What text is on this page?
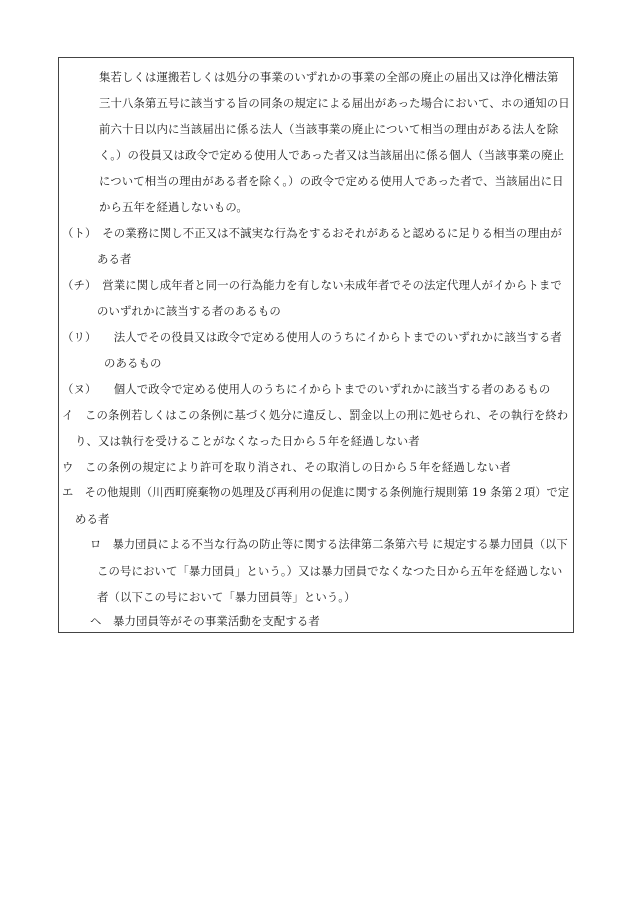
集若しくは運搬若しくは処分の事業のいずれかの事業の全部の廃止の届出又は浄化槽法第
三十八条第五号に該当する旨の同条の規定による届出があった場合において、ホの通知の日
前六十日以内に当該届出に係る法人（当該事業の廃止について相当の理由がある法人を除
く。）の役員又は政令で定める使用人であった者又は当該届出に係る個人（当該事業の廃止
について相当の理由がある者を除く。）の政令で定める使用人であった者で、当該届出に日
から五年を経過しないもの。
（ト）　その業務に関し不正又は不誠実な行為をするおそれがあると認めるに足りる相当の理由が
ある者
（チ）　営業に関し成年者と同一の行為能力を有しない未成年者でその法定代理人がイからトまで
のいずれかに該当する者のあるもの
（リ）　　法人でその役員又は政令で定める使用人のうちにイからトまでのいずれかに該当する者
のあるもの
（ヌ）　　個人で政令で定める使用人のうちにイからトまでのいずれかに該当する者のあるもの
イ　この条例若しくはこの条例に基づく処分に違反し、罰金以上の刑に処せられ、その執行を終わ
り、又は執行を受けることがなくなった日から５年を経過しない者
ウ　この条例の規定により許可を取り消され、その取消しの日から５年を経過しない者
エ　その他規則（川西町廃棄物の処理及び再利用の促進に関する条例施行規則第 19 条第２項）で定
める者
ロ　暴力団員による不当な行為の防止等に関する法律第二条第六号 に規定する暴力団員（以下
この号において「暴力団員」という。）又は暴力団員でなくなつた日から五年を経過しない
者（以下この号において「暴力団員等」という。）
ヘ　暴力団員等がその事業活動を支配する者
